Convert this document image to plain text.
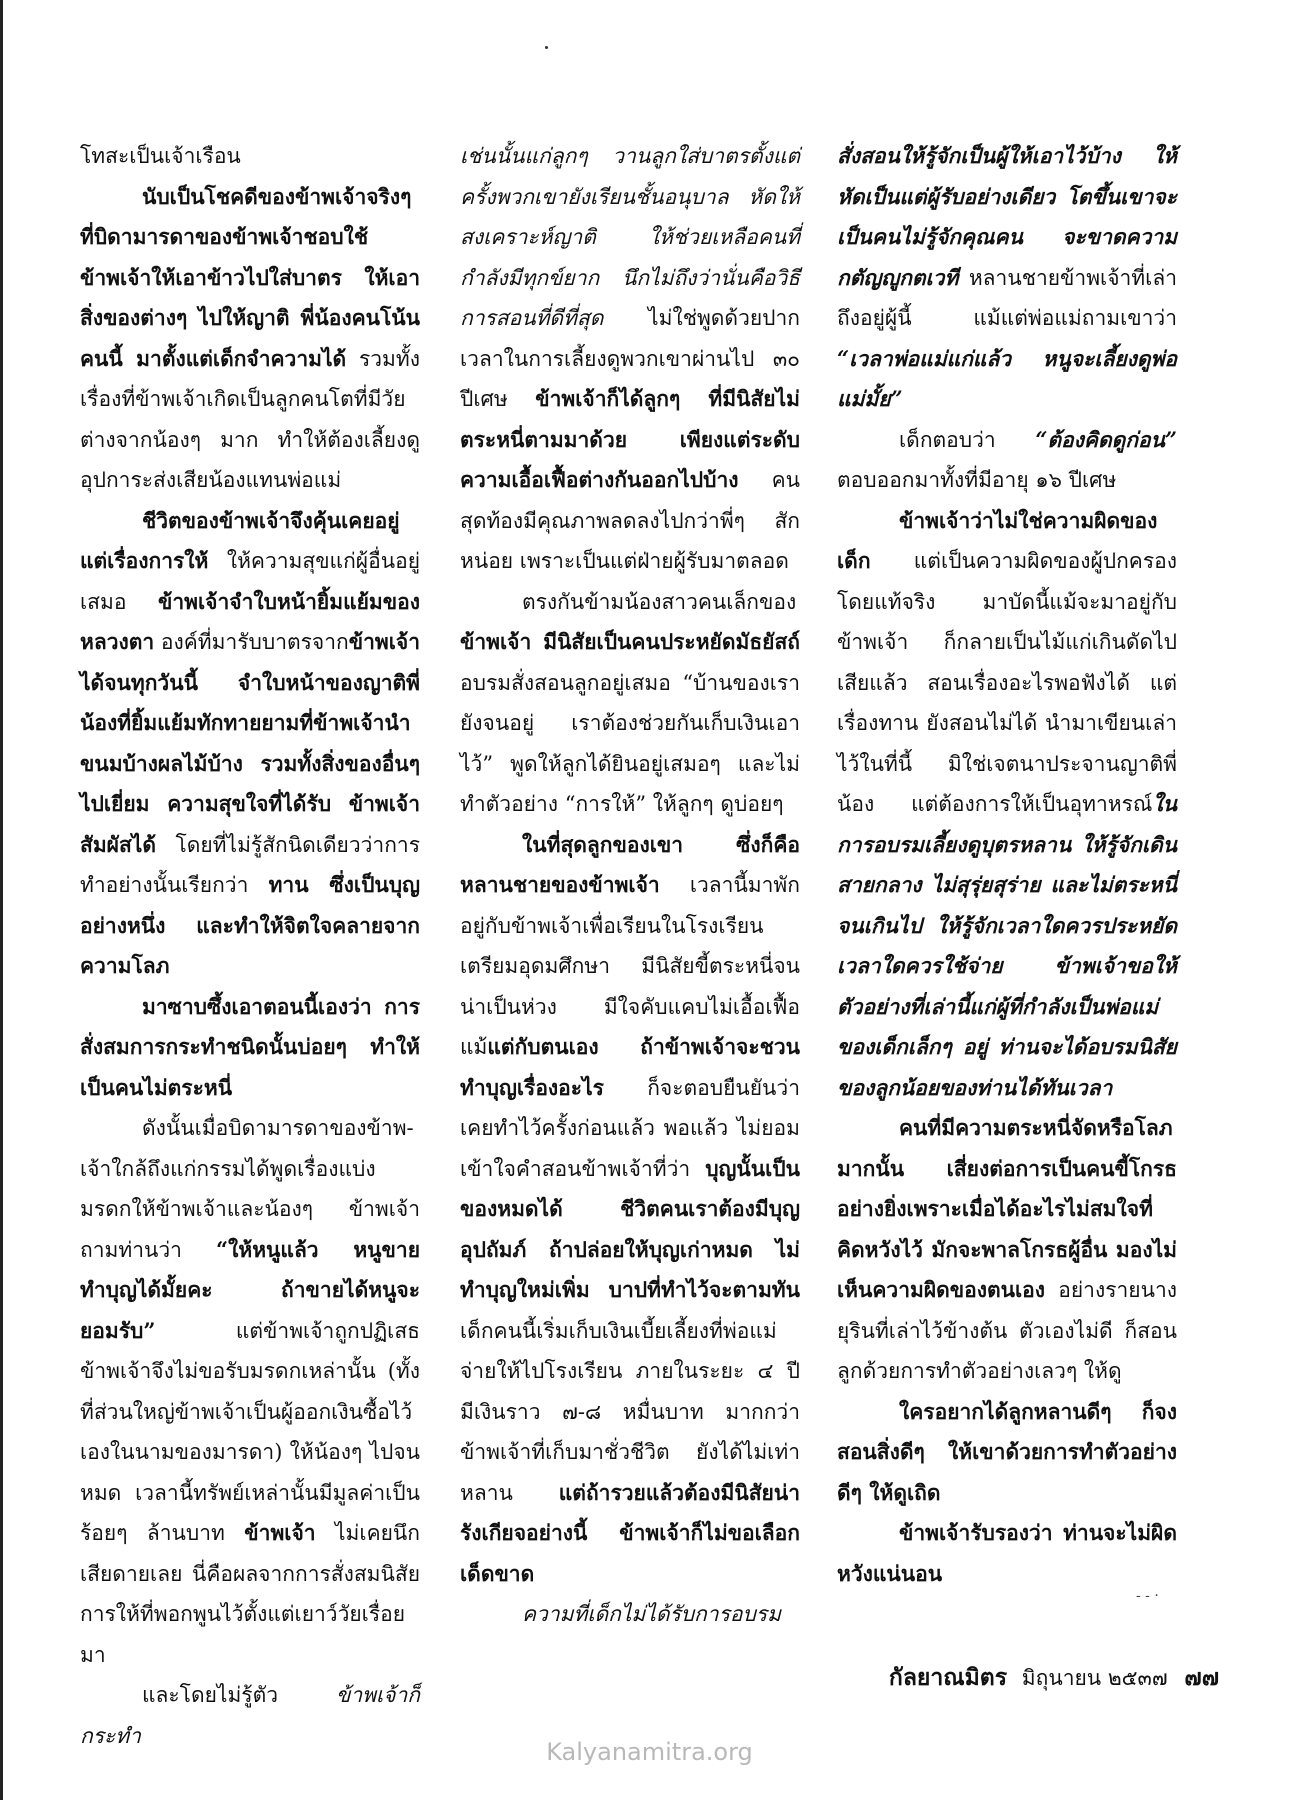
โทสะเป็นเจ้าเรือน

นับเป็นโชคดีของข้าพเจ้าจริงๆ ที่บิดามารดาของข้าพเจ้าชอบใช้ข้าพเจ้าให้เอาข้าวไปใส่บาตร ให้เอาสิ่งของต่างๆ ไปให้ญาติ พี่น้องคนโน้นคนนี้ มาตั้งแต่เด็กจำความได้ รวมทั้งเรื่องที่ข้าพเจ้าเกิดเป็นลูกคนโตที่มีวัยต่างจากน้องๆ มาก ทำให้ต้องเลี้ยงดูอุปการะส่งเสียน้องแทนพ่อแม่

ชีวิตของข้าพเจ้าจึงคุ้นเคยอยู่แต่เรื่องการให้ ให้ความสุขแก่ผู้อื่นอยู่เสมอ ข้าพเจ้าจำใบหน้ายิ้มแย้มของหลวงตา องค์ที่มารับบาตรจากข้าพเจ้าได้จนทุกวันนี้ จำใบหน้าของญาติพี่น้องที่ยิ้มแย้มทักทายยามที่ข้าพเจ้านำขนมบ้างผลไม้บ้าง รวมทั้งสิ่งของอื่นๆ ไปเยี่ยม ความสุขใจที่ได้รับ ข้าพเจ้าสัมผัสได้ โดยที่ไม่รู้สักนิดเดียวว่าการทำอย่างนั้นเรียกว่า ทาน ซึ่งเป็นบุญอย่างหนึ่ง และทำให้จิตใจคลายจากความโลภ

มาซาบซึ้งเอาตอนนี้เองว่า การสั่งสมการกระทำชนิดนั้นบ่อยๆ ทำให้เป็นคนไม่ตระหนี่

ดังนั้นเมื่อบิดามารดาของข้าพ-เจ้าใกล้ถึงแก่กรรมได้พูดเรื่องแบ่งมรดกให้ข้าพเจ้าและน้องๆ ข้าพเจ้าถามท่านว่า “ให้หนูแล้ว หนูขายทำบุญได้มั้ยคะ ถ้าขายได้หนูจะยอมรับ” แต่ข้าพเจ้าถูกปฏิเสธ ข้าพเจ้าจึงไม่ขอรับมรดกเหล่านั้น (ทั้งที่ส่วนใหญ่ข้าพเจ้าเป็นผู้ออกเงินซื้อไว้เองในนามของมารดา) ให้น้องๆ ไปจนหมด เวลานี้ทรัพย์เหล่านั้นมีมูลค่าเป็นร้อยๆ ล้านบาท ข้าพเจ้า ไม่เคยนึกเสียดายเลย นี่คือผลจากการสั่งสมนิสัยการให้ที่พอกพูนไว้ตั้งแต่เยาว์วัยเรื่อยมา

และโดยไม่รู้ตัว ข้าพเจ้าก็กระทำ

เช่นนั้นแก่ลูกๆ วานลูกใส่บาตรตั้งแต่ครั้งพวกเขายังเรียนชั้นอนุบาล หัดให้สงเคราะห์ญาติ ให้ช่วยเหลือคนที่กำลังมีทุกข์ยาก นึกไม่ถึงว่านั่นคือวิธีการสอนที่ดีที่สุด ไม่ใช่พูดด้วยปากเวลาในการเลี้ยงดูพวกเขาผ่านไป ๓๐ ปีเศษ ข้าพเจ้าก็ได้ลูกๆ ที่มีนิสัยไม่ตระหนี่ตามมาด้วย เพียงแต่ระดับความเอื้อเฟื้อต่างกันออกไปบ้าง คนสุดท้องมีคุณภาพลดลงไปกว่าพี่ๆ สักหน่อย เพราะเป็นแต่ฝ่ายผู้รับมาตลอด

ตรงกันข้ามน้องสาวคนเล็กของข้าพเจ้า มีนิสัยเป็นคนประหยัดมัธยัสถ์ อบรมสั่งสอนลูกอยู่เสมอ “บ้านของเรายังจนอยู่ เราต้องช่วยกันเก็บเงินเอาไว้” พูดให้ลูกได้ยินอยู่เสมอๆ และไม่ทำตัวอย่าง “การให้” ให้ลูกๆ ดูบ่อยๆ

ในที่สุดลูกของเขา ซึ่งก็คือหลานชายของข้าพเจ้า เวลานี้มาพักอยู่กับข้าพเจ้าเพื่อเรียนในโรงเรียนเตรียมอุดมศึกษา มีนิสัยขี้ตระหนี่จนน่าเป็นห่วง มีใจคับแคบไม่เอื้อเฟื้อแม้แต่กับตนเอง ถ้าข้าพเจ้าจะชวนทำบุญเรื่องอะไร ก็จะตอบยืนยันว่า เคยทำไว้ครั้งก่อนแล้ว พอแล้ว ไม่ยอมเข้าใจคำสอนข้าพเจ้าที่ว่า บุญนั้นเป็นของหมดได้ ชีวิตคนเราต้องมีบุญอุปถัมภ์ ถ้าปล่อยให้บุญเก่าหมด ไม่ทำบุญใหม่เพิ่ม บาปที่ทำไว้จะตามทัน เด็กคนนี้เริ่มเก็บเงินเบี้ยเลี้ยงที่พ่อแม่จ่ายให้ไปโรงเรียน ภายในระยะ ๔ ปี มีเงินราว ๗-๘ หมื่นบาท มากกว่าข้าพเจ้าที่เก็บมาชั่วชีวิต ยังได้ไม่เท่าหลาน แต่ถ้ารวยแล้วต้องมีนิสัยน่ารังเกียจอย่างนี้ ข้าพเจ้าก็ไม่ขอเลือกเด็ดขาด

ความที่เด็กไม่ได้รับการอบรม

สั่งสอนให้รู้จักเป็นผู้ให้เอาไว้บ้าง ให้หัดเป็นแต่ผู้รับอย่างเดียว โตขึ้นเขาจะเป็นคนไม่รู้จักคุณคน จะขาดความกตัญญูกตเวที หลานชายข้าพเจ้าที่เล่าถึงอยู่ผู้นี้ แม้แต่พ่อแม่ถามเขาว่า “เวลาพ่อแม่แก่แล้ว หนูจะเลี้ยงดูพ่อแม่มั้ย”

เด็กตอบว่า “ต้องคิดดูก่อน” ตอบออกมาทั้งที่มีอายุ ๑๖ ปีเศษ

ข้าพเจ้าว่าไม่ใช่ความผิดของเด็ก แต่เป็นความผิดของผู้ปกครองโดยแท้จริง มาบัดนี้แม้จะมาอยู่กับข้าพเจ้า ก็กลายเป็นไม้แก่เกินดัดไปเสียแล้ว สอนเรื่องอะไรพอฟังได้ แต่เรื่องทาน ยังสอนไม่ได้ นำมาเขียนเล่าไว้ในที่นี้ มิใช่เจตนาประจานญาติพี่น้อง แต่ต้องการให้เป็นอุทาหรณ์ในการอบรมเลี้ยงดูบุตรหลาน ให้รู้จักเดินสายกลาง ไม่สุรุ่ยสุร่าย และไม่ตระหนี่จนเกินไป ให้รู้จักเวลาใดควรประหยัด เวลาใดควรใช้จ่าย ข้าพเจ้าขอให้ตัวอย่างที่เล่านี้แก่ผู้ที่กำลังเป็นพ่อแม่ของเด็กเล็กๆ อยู่ ท่านจะได้อบรมนิสัยของลูกน้อยของท่านได้ทันเวลา

คนที่มีความตระหนี่จัดหรือโลภมากนั้น เสี่ยงต่อการเป็นคนขี้โกรธอย่างยิ่งเพราะเมื่อได้อะไรไม่สมใจที่คิดหวังไว้ มักจะพาลโกรธผู้อื่น มองไม่เห็นความผิดของตนเอง อย่างรายนางยุรินที่เล่าไว้ข้างต้น ตัวเองไม่ดี ก็สอนลูกด้วยการทำตัวอย่างเลวๆ ให้ดู

ใครอยากได้ลูกหลานดีๆ ก็จงสอนสิ่งดีๆ ให้เขาด้วยการทำตัวอย่างดีๆ ให้ดูเถิด

ข้าพเจ้ารับรองว่า ท่านจะไม่ผิดหวังแน่นอน

‐ ‐ ·
กัลยาณมิตร มิถุนายน ๒๕๓๗ ๗๗
Kalyanamitra.org
